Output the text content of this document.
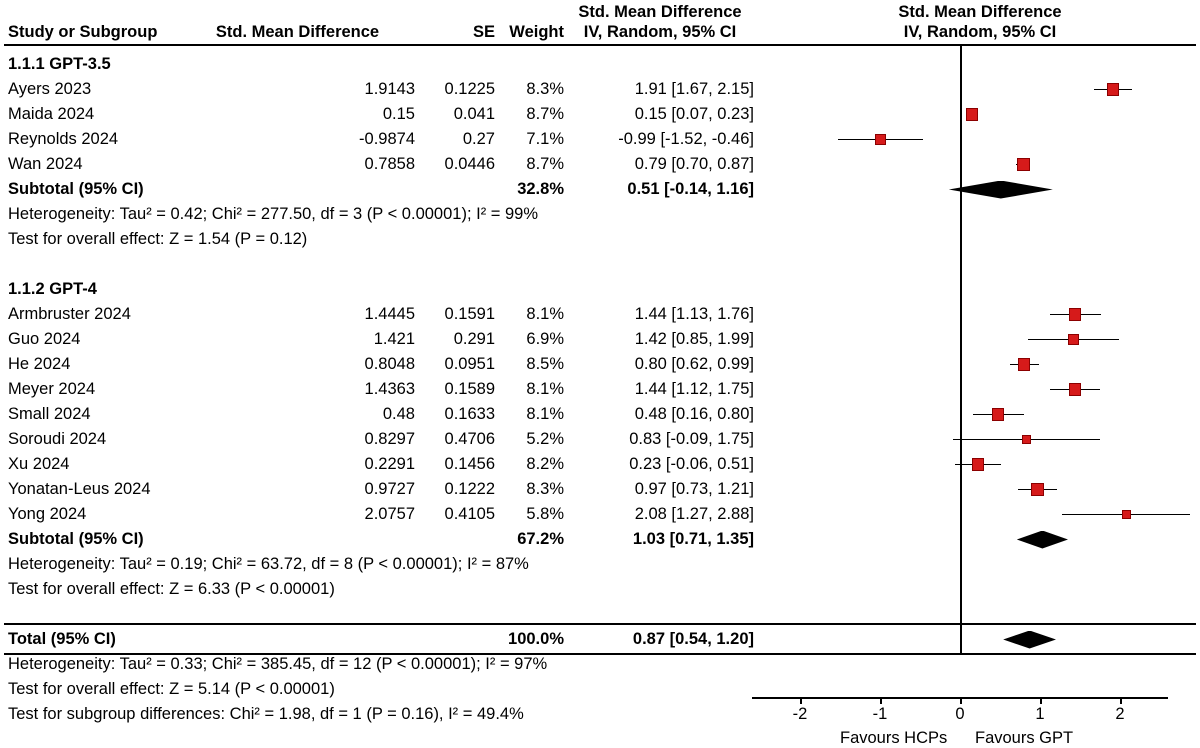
Std. Mean Difference
IV, Random, 95% CI
Study or Subgroup	Std. Mean Difference	SE Weight
1.1.1 GPT-3.5
Ayers 2023	1.9143	0.1225	8.3%	1.91 [1.67, 2.15]
Maida 2024	0.15	0.041	8.7%	0.15 [0.07, 0.23]
Reynolds 2024	-0.9874	0.27	7.1%	-0.99 [-1.52, -0.46]
Wan 2024	0.7858	0.0446	8.7%	0.79 [0.70, 0.87]
Subtotal (95% CI)	32.8%	0.51 [-0.14, 1.16]
Heterogeneity: Tau² = 0.42; Chi² = 277.50, df = 3 (P < 0.00001); I² = 99%
Test for overall effect: Z = 1.54 (P = 0.12)
1.1.2 GPT-4
Armbruster 2024	1.4445	0.1591	8.1%	1.44 [1.13, 1.76]
Guo 2024	1.421	0.291	6.9%	1.42 [0.85, 1.99]
He 2024	0.8048	0.0951	8.5%	0.80 [0.62, 0.99]
Meyer 2024	1.4363	0.1589	8.1%	1.44 [1.12, 1.75]
Small 2024	0.48	0.1633	8.1%	0.48 [0.16, 0.80]
Soroudi 2024	0.8297	0.4706	5.2%	0.83 [-0.09, 1.75]
Xu 2024	0.2291	0.1456	8.2%	0.23 [-0.06, 0.51]
Yonatan-Leus 2024	0.9727	0.1222	8.3%	0.97 [0.73, 1.21]
Yong 2024	2.0757	0.4105	5.8%	2.08 [1.27, 2.88]
Subtotal (95% CI)	67.2%	1.03 [0.71, 1.35]
Heterogeneity: Tau² = 0.19; Chi² = 63.72, df = 8 (P < 0.00001); I² = 87%
Test for overall effect: Z = 6.33 (P < 0.00001)
Total (95% CI)	100.0%	0.87 [0.54, 1.20]
Heterogeneity: Tau² = 0.33; Chi² = 385.45, df = 12 (P < 0.00001); I² = 97%
Test for overall effect: Z = 5.14 (P < 0.00001)
Test for subgroup differences: Chi² = 1.98, df = 1 (P = 0.16), I² = 49.4%
Std. Mean Difference
IV, Random, 95% CI
-2	-1	0	1	2
Favours HCPs Favours GPT
